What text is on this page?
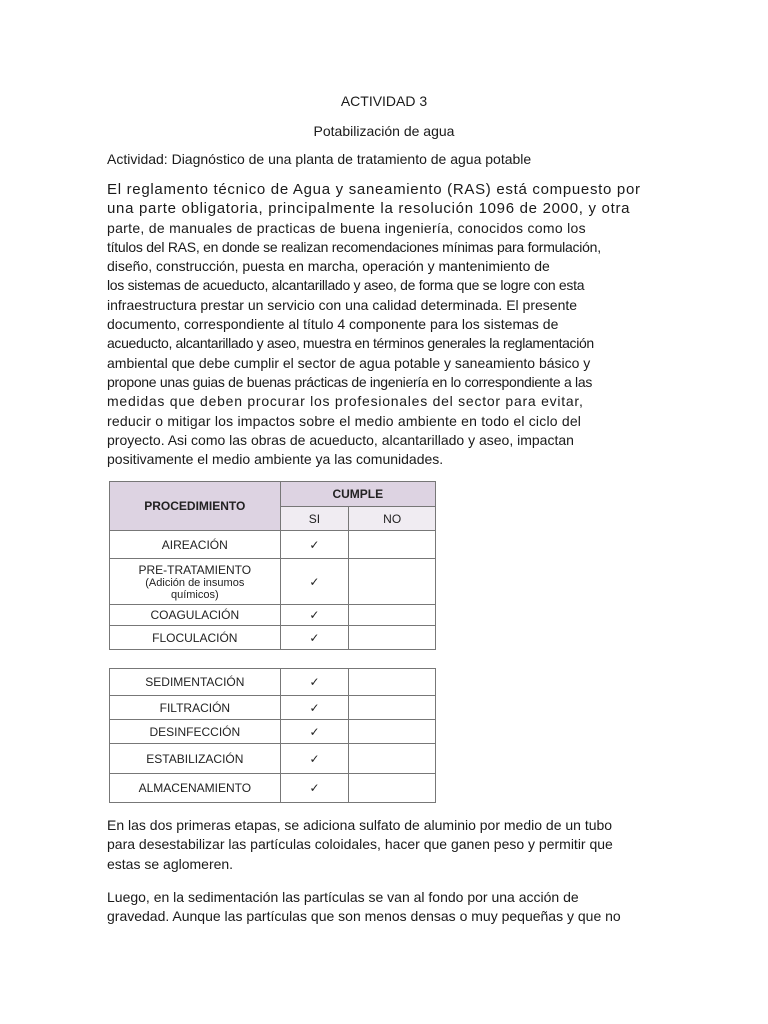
ACTIVIDAD 3
Potabilización de agua
Actividad: Diagnóstico de una planta de tratamiento de agua potable
El reglamento técnico de Agua y saneamiento (RAS) está compuesto por
una parte obligatoria, principalmente la resolución 1096 de 2000, y otra
parte, de manuales de practicas de buena ingeniería, conocidos como los
títulos del RAS, en donde se realizan recomendaciones mínimas para formulación,
diseño, construcción, puesta en marcha, operación y mantenimiento de
los sistemas de acueducto, alcantarillado y aseo, de forma que se logre con esta
infraestructura prestar un servicio con una calidad determinada. El presente
documento, correspondiente al título 4 componente para los sistemas de
acueducto, alcantarillado y aseo, muestra en términos generales la reglamentación
ambiental que debe cumplir el sector de agua potable y saneamiento básico y
propone unas guias de buenas prácticas de ingeniería en lo correspondiente a las
medidas que deben procurar los profesionales del sector para evitar,
reducir o mitigar los impactos sobre el medio ambiente en todo el ciclo del
proyecto. Asi como las obras de acueducto, alcantarillado y aseo, impactan
positivamente el medio ambiente ya las comunidades.
PROCEDIMIENTO	CUMPLE	
	SI	NO
AIREACIÓN	✓	

PRE-TRATAMIENTO
(Adición de insumos químicos)	✓	
COAGULACIÓN	✓	
FLOCULACIÓN	✓	
SEDIMENTACIÓN	✓	
FILTRACIÓN	✓	
DESINFECCIÓN	✓	
ESTABILIZACIÓN	✓	
ALMACENAMIENTO	✓	
En las dos primeras etapas, se adiciona sulfato de aluminio por medio de un tubo
para desestabilizar las partículas coloidales, hacer que ganen peso y permitir que
estas se aglomeren.
Luego, en la sedimentación las partículas se van al fondo por una acción de
gravedad. Aunque las partículas que son menos densas o muy pequeñas y que no
